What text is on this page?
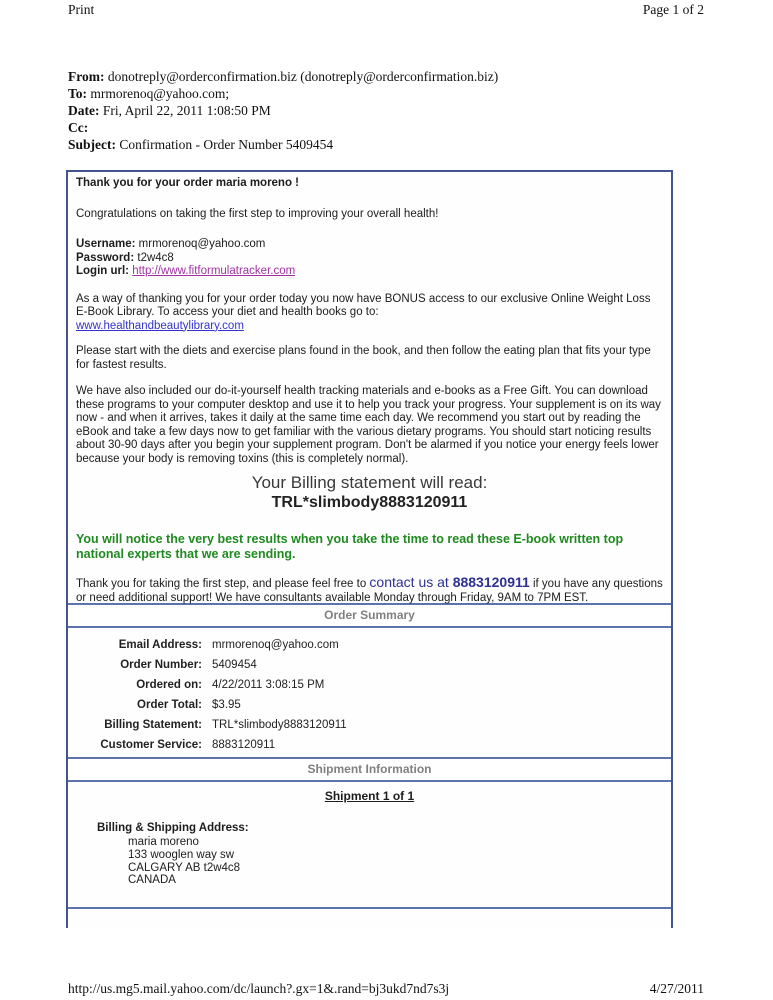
Print	Page 1 of 2
From: donotreply@orderconfirmation.biz (donotreply@orderconfirmation.biz)
To: mrmorenoq@yahoo.com;
Date: Fri, April 22, 2011 1:08:50 PM
Cc:
Subject: Confirmation - Order Number 5409454

Thank you for your order maria moreno !

Congratulations on taking the first step to improving your overall health!

Username: mrmorenoq@yahoo.com
Password: t2w4c8
Login url: http://www.fitformulatracker.com

As a way of thanking you for your order today you now have BONUS access to our exclusive Online Weight Loss E-Book Library. To access your diet and health books go to:
www.healthandbeautylibrary.com

Please start with the diets and exercise plans found in the book, and then follow the eating plan that fits your type for fastest results.

We have also included our do-it-yourself health tracking materials and e-books as a Free Gift. You can download these programs to your computer desktop and use it to help you track your progress. Your supplement is on its way now - and when it arrives, takes it daily at the same time each day. We recommend you start out by reading the eBook and take a few days now to get familiar with the various dietary programs. You should start noticing results about 30-90 days after you begin your supplement program. Don't be alarmed if you notice your energy feels lower because your body is removing toxins (this is completely normal).

Your Billing statement will read:
TRL*slimbody8883120911

You will notice the very best results when you take the time to read these E-book written top national experts that we are sending.

Thank you for taking the first step, and please feel free to contact us at 8883120911 if you have any questions or need additional support! We have consultants available Monday through Friday, 9AM to 7PM EST.

Order Summary
Email Address: mrmorenoq@yahoo.com
Order Number: 5409454
Ordered on: 4/22/2011 3:08:15 PM
Order Total: $3.95
Billing Statement: TRL*slimbody8883120911
Customer Service: 8883120911
Shipment Information
Shipment 1 of 1
Billing & Shipping Address:
maria moreno
133 wooglen way sw
CALGARY AB t2w4c8
CANADA
http://us.mg5.mail.yahoo.com/dc/launch?.gx=1&.rand=bj3ukd7nd7s3j	4/27/2011
